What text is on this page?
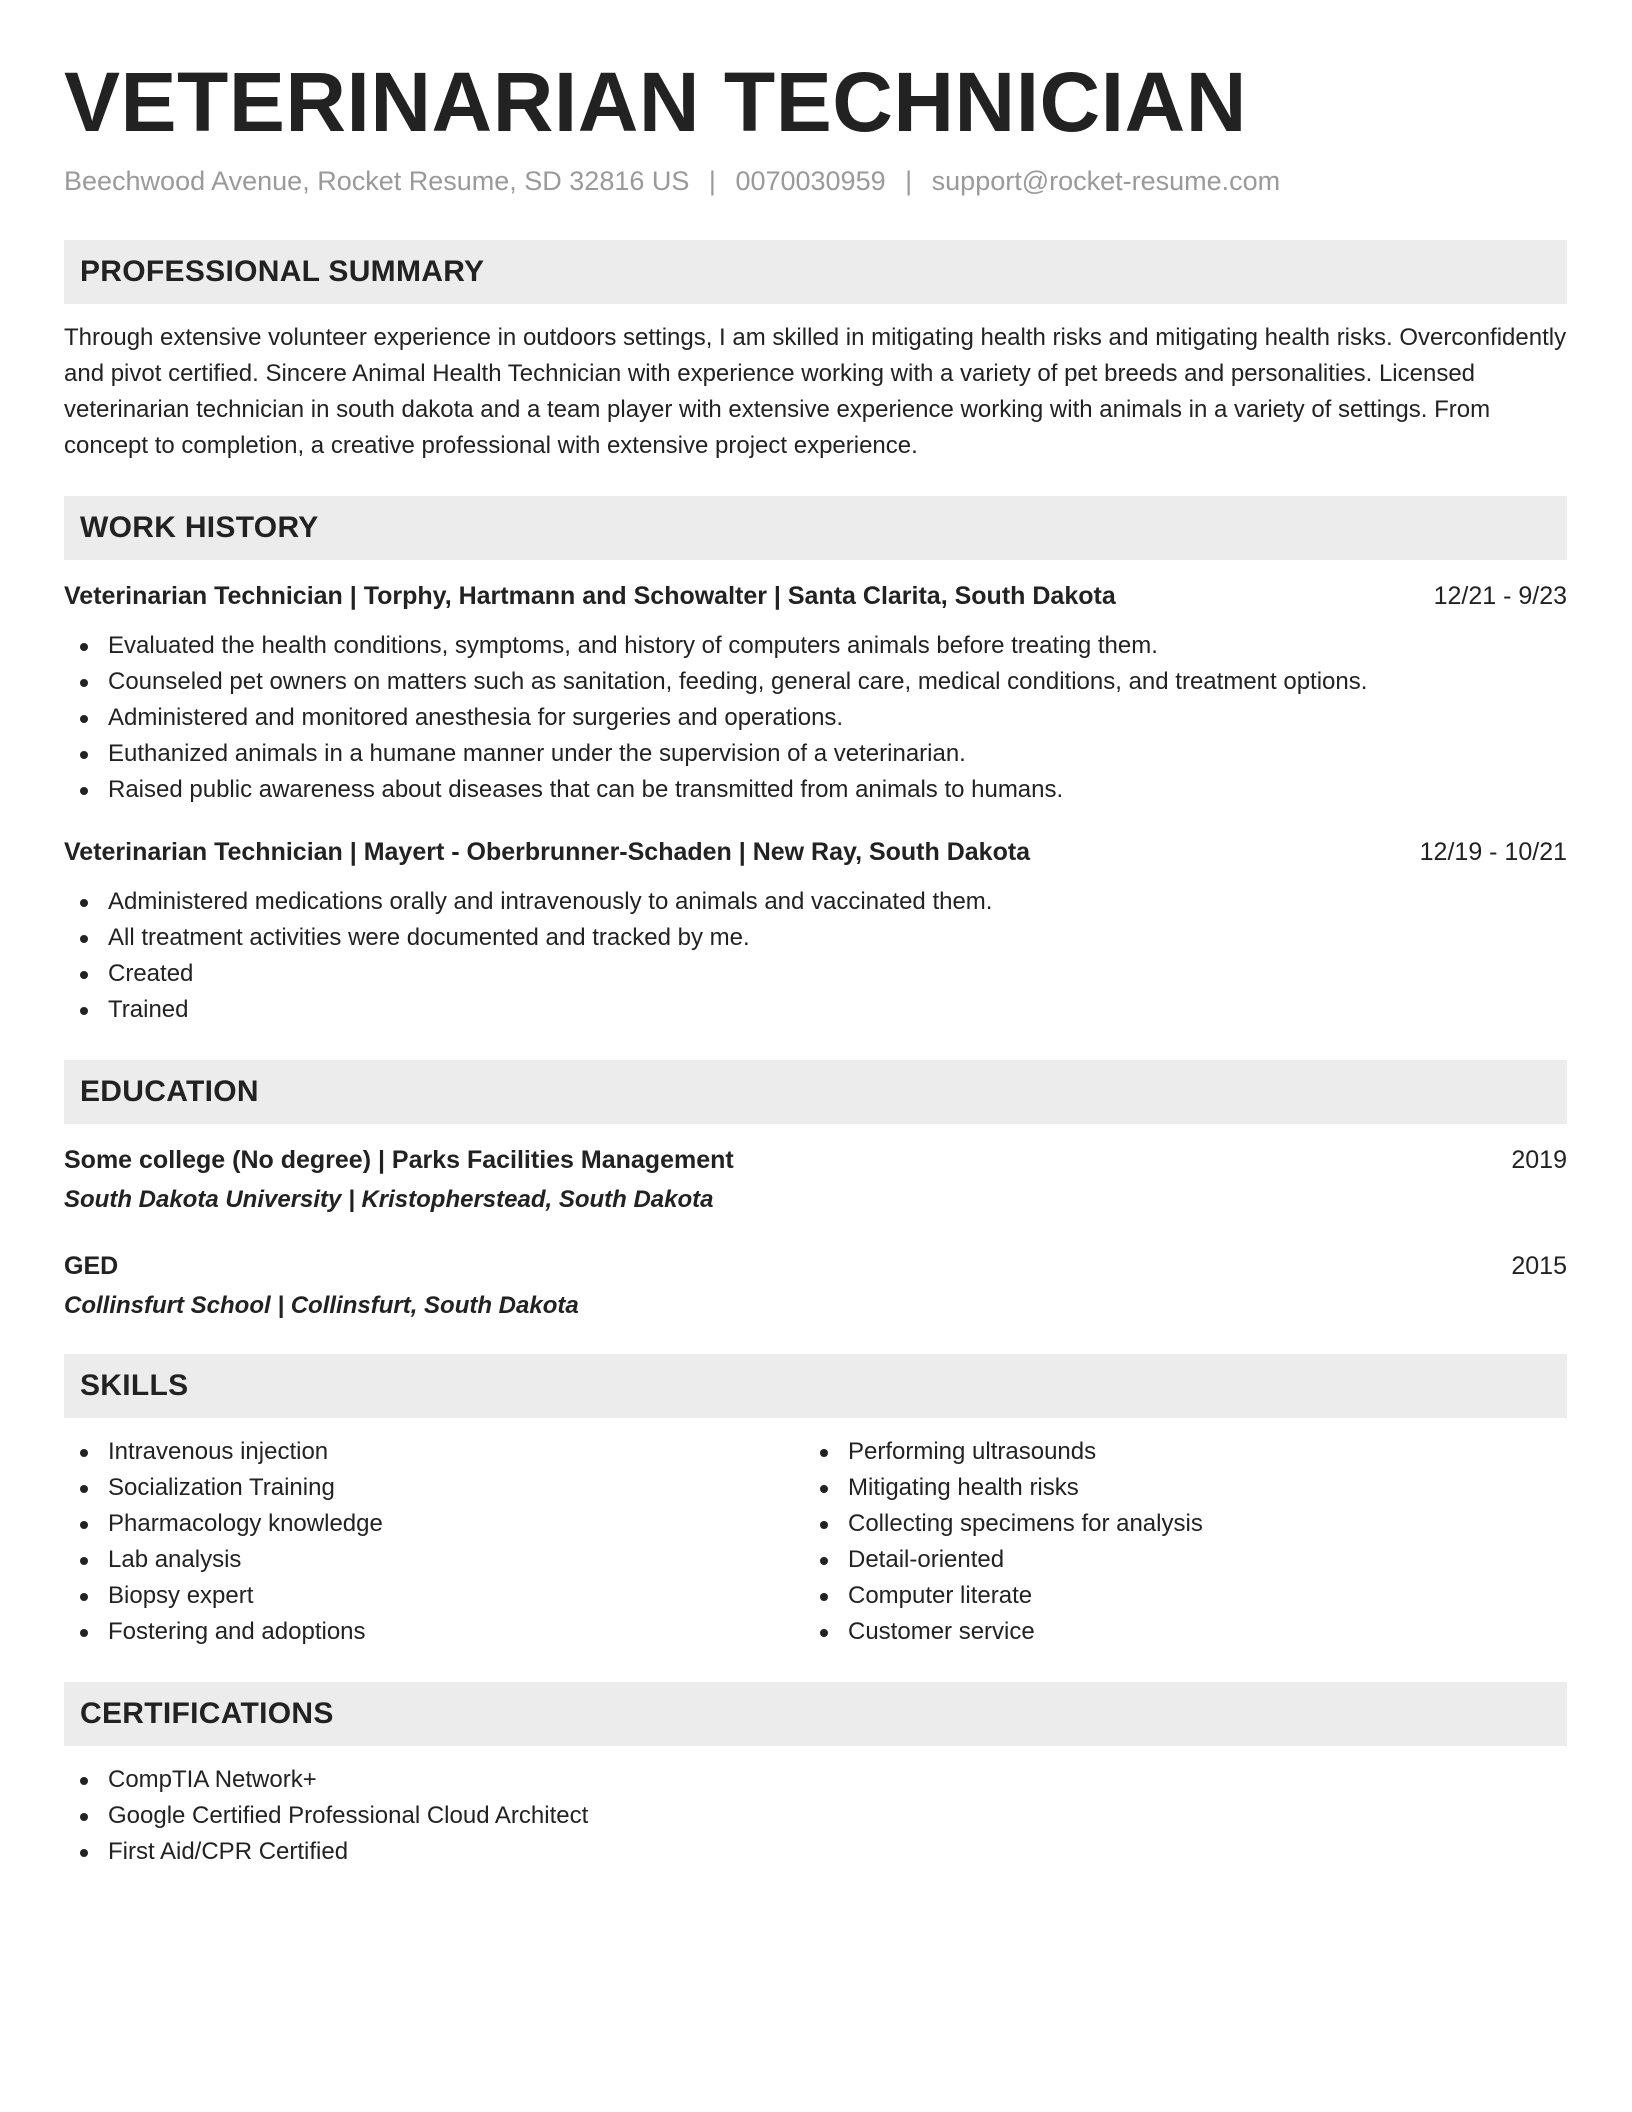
VETERINARIAN TECHNICIAN
Beechwood Avenue, Rocket Resume, SD 32816 US | 0070030959 | support@rocket-resume.com
PROFESSIONAL SUMMARY
Through extensive volunteer experience in outdoors settings, I am skilled in mitigating health risks and mitigating health risks. Overconfidently and pivot certified. Sincere Animal Health Technician with experience working with a variety of pet breeds and personalities. Licensed veterinarian technician in south dakota and a team player with extensive experience working with animals in a variety of settings. From concept to completion, a creative professional with extensive project experience.
WORK HISTORY
Veterinarian Technician | Torphy, Hartmann and Schowalter | Santa Clarita, South Dakota	12/21 - 9/23
Evaluated the health conditions, symptoms, and history of computers animals before treating them.
Counseled pet owners on matters such as sanitation, feeding, general care, medical conditions, and treatment options.
Administered and monitored anesthesia for surgeries and operations.
Euthanized animals in a humane manner under the supervision of a veterinarian.
Raised public awareness about diseases that can be transmitted from animals to humans.
Veterinarian Technician | Mayert - Oberbrunner-Schaden | New Ray, South Dakota	12/19 - 10/21
Administered medications orally and intravenously to animals and vaccinated them.
All treatment activities were documented and tracked by me.
Created
Trained
EDUCATION
Some college (No degree) | Parks Facilities Management	2019
South Dakota University | Kristopherstead, South Dakota
GED	2015
Collinsfurt School | Collinsfurt, South Dakota
SKILLS
Intravenous injection
Socialization Training
Pharmacology knowledge
Lab analysis
Biopsy expert
Fostering and adoptions
Performing ultrasounds
Mitigating health risks
Collecting specimens for analysis
Detail-oriented
Computer literate
Customer service
CERTIFICATIONS
CompTIA Network+
Google Certified Professional Cloud Architect
First Aid/CPR Certified
